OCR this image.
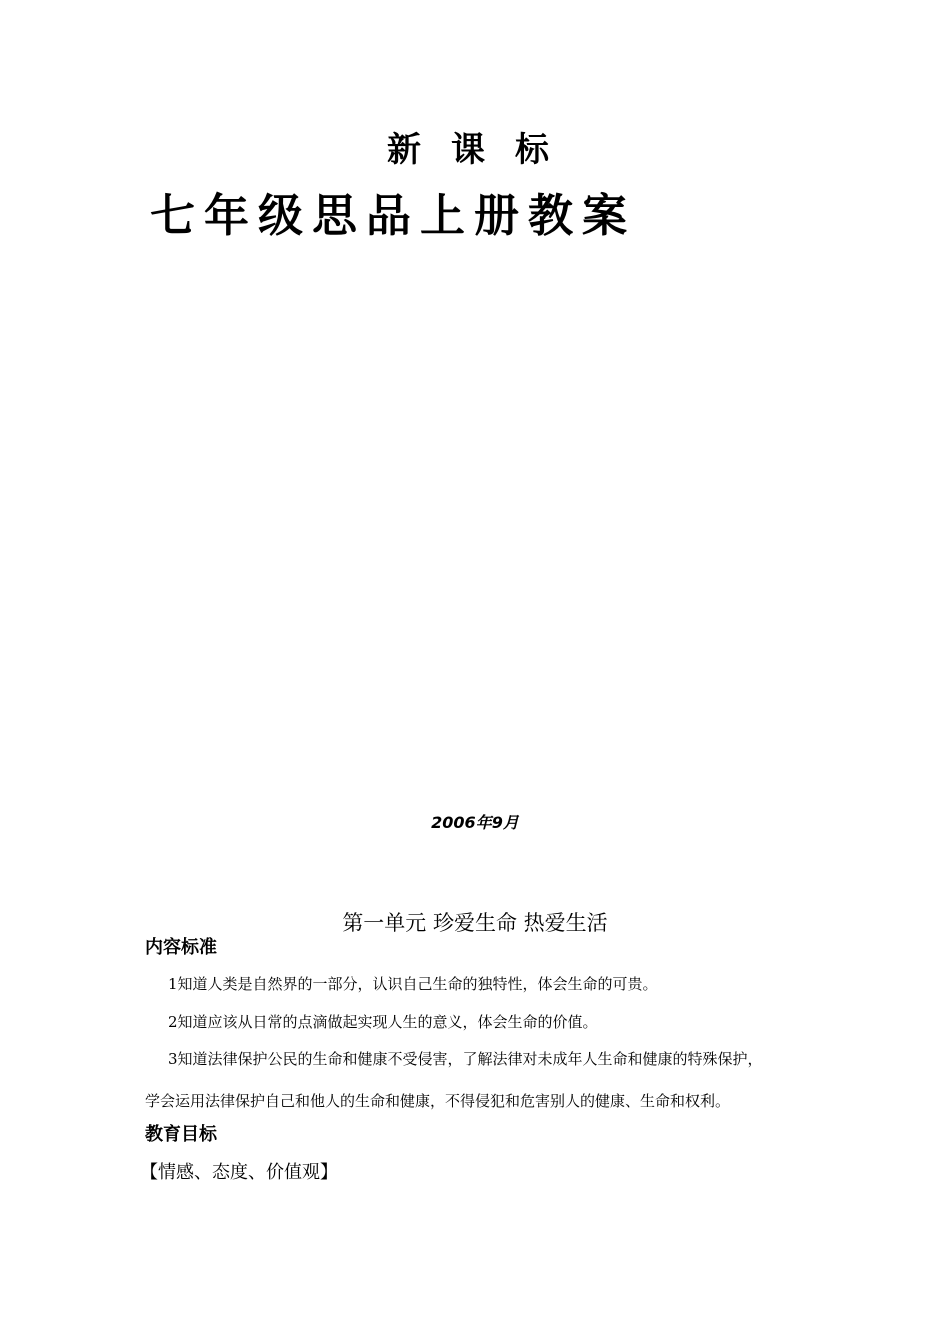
新课标
七年级思品上册教案
2006年9月
第一单元 珍爱生命 热爱生活
内容标准
1知道人类是自然界的一部分，认识自己生命的独特性，体会生命的可贵。
2知道应该从日常的点滴做起实现人生的意义，体会生命的价值。
3知道法律保护公民的生命和健康不受侵害，了解法律对未成年人生命和健康的特殊保护，
学会运用法律保护自己和他人的生命和健康，不得侵犯和危害别人的健康、生命和权利。
教育目标
【情感、态度、价值观】
